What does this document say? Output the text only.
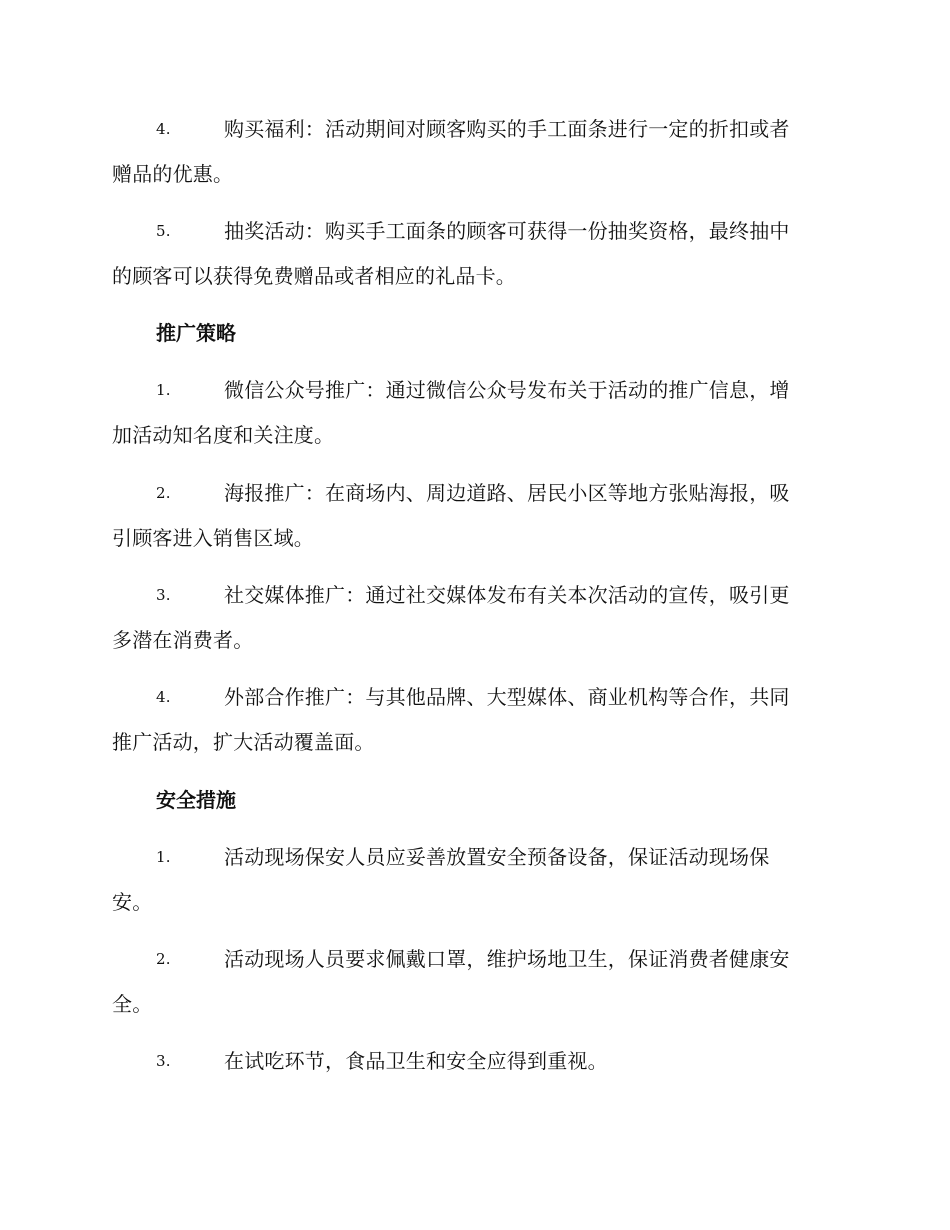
4.	购买福利：活动期间对顾客购买的手工面条进行一定的折扣或者
赠品的优惠。
5.	抽奖活动：购买手工面条的顾客可获得一份抽奖资格，最终抽中
的顾客可以获得免费赠品或者相应的礼品卡。
推广策略
1.	微信公众号推广：通过微信公众号发布关于活动的推广信息，增
加活动知名度和关注度。
2.	海报推广：在商场内、周边道路、居民小区等地方张贴海报，吸
引顾客进入销售区域。
3.	社交媒体推广：通过社交媒体发布有关本次活动的宣传，吸引更
多潜在消费者。
4.	外部合作推广：与其他品牌、大型媒体、商业机构等合作，共同
推广活动，扩大活动覆盖面。
安全措施
1.	活动现场保安人员应妥善放置安全预备设备，保证活动现场保
安。
2.	活动现场人员要求佩戴口罩，维护场地卫生，保证消费者健康安
全。
3.	在试吃环节，食品卫生和安全应得到重视。
